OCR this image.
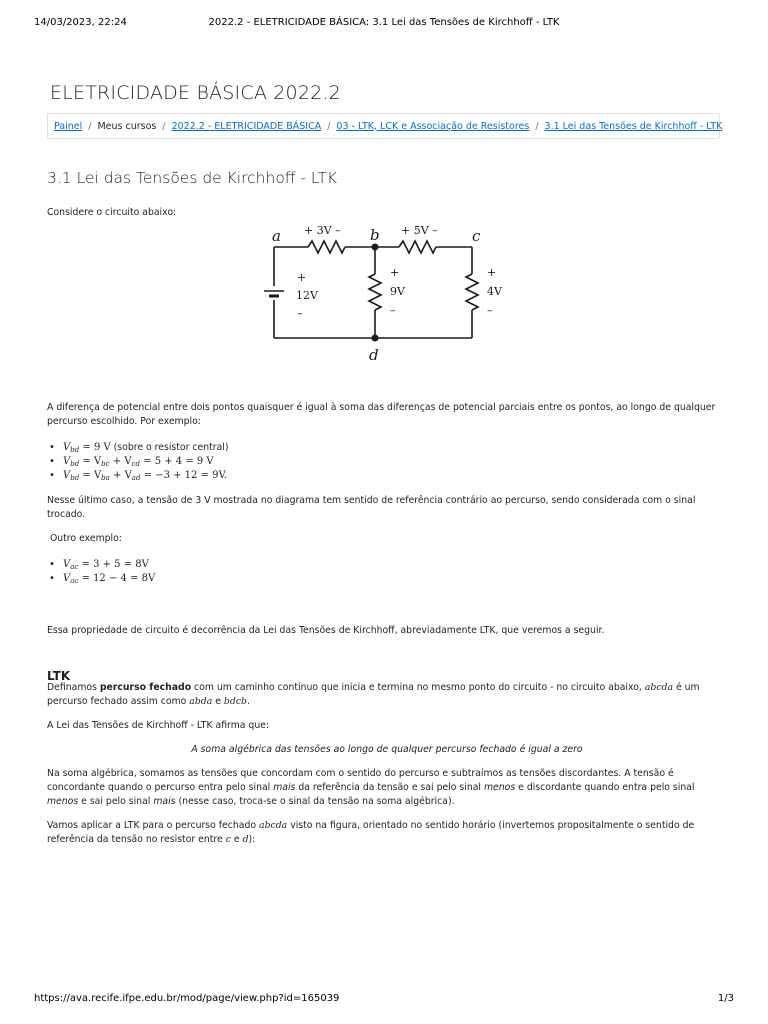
14/03/2023, 22:24	2022.2 - ELETRICIDADE BÁSICA: 3.1 Lei das Tensões de Kirchhoff - LTK
ELETRICIDADE BÁSICA 2022.2
Painel / Meus cursos / 2022.2 - ELETRICIDADE BÁSICA / 03 - LTK, LCK e Associação de Resistores / 3.1 Lei das Tensões de Kirchhoff - LTK
3.1 Lei das Tensões de Kirchhoff - LTK

Considere o circuito abaixo:

a	b	c
d
+ 3V –	+ 5V –
+
12V
–
+
9V
–
+
4V
–

A diferença de potencial entre dois pontos quaisquer é igual à soma das diferenças de potencial parciais entre os pontos, ao longo de qualquer percurso escolhido. Por exemplo:

• $V_{bd} = 9$ V (sobre o resistor central)
• $V_{bd} = V_{bc} + V_{cd} = 5 + 4 = 9$ V
• $V_{bd} = V_{ba} + V_{ad} = -3 + 12 = 9V$.

Nesse último caso, a tensão de 3 V mostrada no diagrama tem sentido de referência contrário ao percurso, sendo considerada com o sinal trocado.

Outro exemplo:

• $V_{ac} = 3 + 5 = 8V$
• $V_{ac} = 12 - 4 = 8V$

Essa propriedade de circuito é decorrência da Lei das Tensões de Kirchhoff, abreviadamente LTK, que veremos a seguir.

LTK

Definamos percurso fechado com um caminho contínuo que inicia e termina no mesmo ponto do circuito - no circuito abaixo, abcda é um percurso fechado assim como abda e bdcb.

A Lei das Tensões de Kirchhoff - LTK afirma que:

A soma algébrica das tensões ao longo de qualquer percurso fechado é igual a zero

Na soma algébrica, somamos as tensões que concordam com o sentido do percurso e subtraímos as tensões discordantes. A tensão é concordante quando o percurso entra pelo sinal mais da referência da tensão e sai pelo sinal menos e discordante quando entra pelo sinal menos e sai pelo sinal mais (nesse caso, troca-se o sinal da tensão na soma algébrica).

Vamos aplicar a LTK para o percurso fechado abcda visto na figura, orientado no sentido horário (invertemos propositalmente o sentido de referência da tensão no resistor entre c e d):

https://ava.recife.ifpe.edu.br/mod/page/view.php?id=165039	1/3
